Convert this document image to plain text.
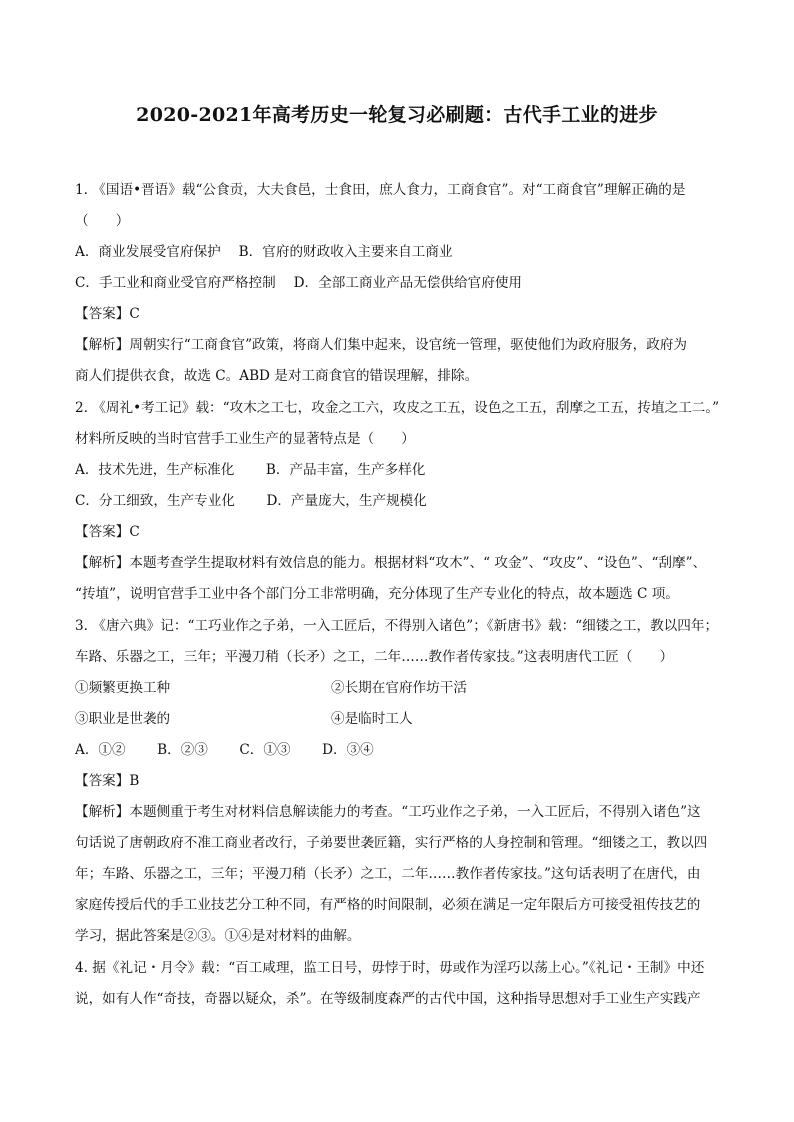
2020-2021年高考历史一轮复习必刷题：古代手工业的进步
1. 《国语•晋语》载“公食贡，大夫食邑，士食田，庶人食力，工商食官”。对“工商食官”理解正确的是
（　　）
A．商业发展受官府保护　 B．官府的财政收入主要来自工商业
C．手工业和商业受官府严格控制　 D．全部工商业产品无偿供给官府使用
【答案】C
【解析】周朝实行“工商食官”政策，将商人们集中起来，设官统一管理，驱使他们为政府服务，政府为
商人们提供衣食，故选 C。ABD 是对工商食官的错误理解，排除。
2. 《周礼•考工记》载：“攻木之工七，攻金之工六，攻皮之工五，设色之工五，刮摩之工五，抟埴之工二。”
材料所反映的当时官营手工业生产的显著特点是（　　）
A．技术先进，生产标准化　　 B．产品丰富，生产多样化
C．分工细致，生产专业化　　 D．产量庞大，生产规模化
【答案】C
【解析】本题考查学生提取材料有效信息的能力。根据材料“攻木”、“ 攻金”、“攻皮”、“设色”、“刮摩”、
“抟埴”，说明官营手工业中各个部门分工非常明确，充分体现了生产专业化的特点，故本题选 C 项。
3. 《唐六典》记：“工巧业作之子弟，一入工匠后，不得别入诸色”；《新唐书》载：“细镂之工，教以四年；
车路、乐器之工，三年；平漫刀稍（长矛）之工，二年……教作者传家技。”这表明唐代工匠（　　）
①频繁更换工种	②长期在官府作坊干活
③职业是世袭的	④是临时工人
A．①②　　 B．②③　　 C．①③　　 D．③④
【答案】B
【解析】本题侧重于考生对材料信息解读能力的考查。“工巧业作之子弟，一入工匠后，不得别入诸色”这
句话说了唐朝政府不准工商业者改行，子弟要世袭匠籍，实行严格的人身控制和管理。“细镂之工，教以四
年；车路、乐器之工，三年；平漫刀稍（长矛）之工，二年……教作者传家技。”这句话表明了在唐代，由
家庭传授后代的手工业技艺分工种不同，有严格的时间限制，必须在满足一定年限后方可接受祖传技艺的
学习，据此答案是②③。①④是对材料的曲解。
4. 据《礼记・月令》载：“百工咸理，监工日号，毋悖于时，毋或作为淫巧以荡上心。”《礼记・王制》中还
说，如有人作“奇技，奇器以疑众，杀”。在等级制度森严的古代中国，这种指导思想对手工业生产实践产
